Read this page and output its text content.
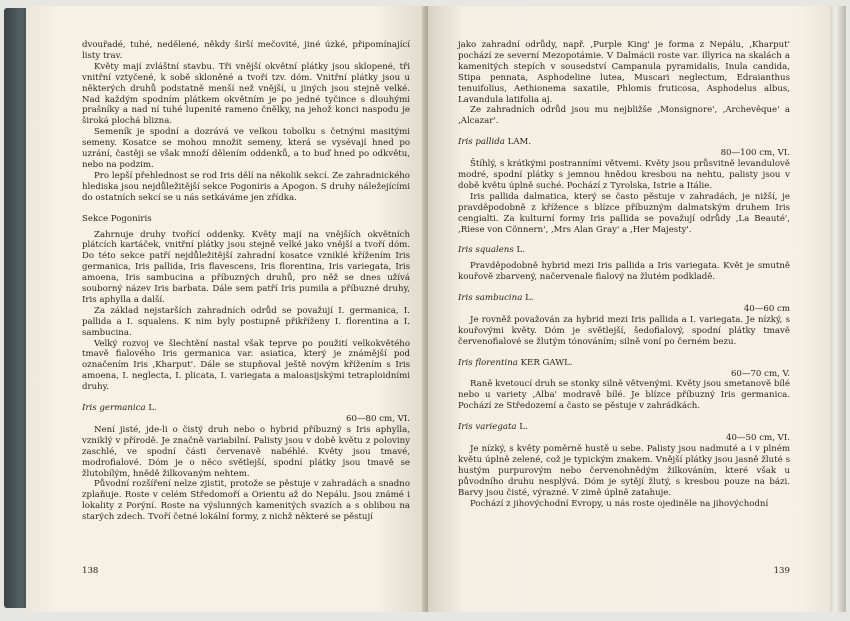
dvouřadé, tuhé, nedělené, někdy širší mečovité, jiné úzké, připomínající listy trav.

Květy mají zvláštní stavbu. Tři vnější okvětní plátky jsou sklopené, tři vnitřní vztyčené, k sobě skloněné a tvoří tzv. dóm. Vnitřní plátky jsou u některých druhů podstatně menší než vnější, u jiných jsou stejně velké. Nad každým spodním plátkem okvětním je po jedné tyčince s dlouhými prašníky a nad ní tuhé lupenité rameno čnělky, na jehož konci naspodu je široká plochá blizna.

Semeník je spodní a dozrává ve velkou tobolku s četnými masitými semeny. Kosatce se mohou množit semeny, která se vysévají hned po uzrání, častěji se však množí dělením oddenků, a to buď hned po odkvětu, nebo na podzim.

Pro lepší přehlednost se rod Iris dělí na několik sekcí. Ze zahradnického hlediska jsou nejdůležitější sekce Pogoniris a Apogon. S druhy náležejícími do ostatních sekcí se u nás setkáváme jen zřídka.

Sekce Pogoniris

Zahrnuje druhy tvořící oddenky. Květy mají na vnějších okvětních plátcích kartáček, vnitřní plátky jsou stejně velké jako vnější a tvoří dóm. Do této sekce patří nejdůležitější zahradní kosatce vzniklé křížením Iris germanica, Iris pallida, Iris flavescens, Iris florentina, Iris variegata, Iris amoena, Iris sambucina a příbuzných druhů, pro něž se dnes užívá souborný název Iris barbata. Dále sem patří Iris pumila a příbuzné druhy, Iris aphylla a další.

Za základ nejstarších zahradních odrůd se považují I. germanica, I. pallida a I. squalens. K nim byly postupně přikříženy I. florentina a I. sambucina.

Velký rozvoj ve šlechtění nastal však teprve po použití velkokvětého tmavě fialového Iris germanica var. asiatica, který je známější pod označením Iris ‚Kharput'. Dále se stupňoval ještě novým křížením s Iris amoena, I. neglecta, I. plicata, I. variegata a maloasijskými tetraploidními druhy.

Iris germanica L.

60—80 cm, VI.

Není jisté, jde-li o čistý druh nebo o hybrid příbuzný s Iris aphylla, vzniklý v přírodě. Je značně variabilní. Palisty jsou v době květu z poloviny zaschlé, ve spodní části červenavě nabéhlé. Květy jsou tmavé, modrofialové. Dóm je o něco světlejší, spodní plátky jsou tmavě se žlutobílým, hnědě žilkovaným nehtem.

Původní rozšíření nelze zjistit, protože se pěstuje v zahradách a snadno zplaňuje. Roste v celém Středomoří a Orientu až do Nepálu. Jsou známé i lokality z Porýní. Roste na výslunných kamenitých svazích a s oblibou na starých zdech. Tvoří četné lokální formy, z nichž některé se pěstují

138

jako zahradní odrůdy, např. ‚Purple King' je forma z Nepálu, ‚Kharput' pochází ze severní Mezopotámie. V Dalmácii roste var. illyrica na skalách a kamenitých stepích v sousedství Campanula pyramidalis, Inula candida, Stipa pennata, Asphodeline lutea, Muscari neglectum, Edraianthus tenuifolius, Aethionema saxatile, Phlomis fruticosa, Asphodelus albus, Lavandula latifolia aj.

Ze zahradních odrůd jsou mu nejbližše ‚Monsignore', ‚Archevêque' a ‚Alcazar'.

Iris pallida LAM.

80—100 cm, VI.

Štíhlý, s krátkými postranními větvemi. Květy jsou průsvitně levandulově modré, spodní plátky s jemnou hnědou kresbou na nehtu, palisty jsou v době květu úplně suché. Pochází z Tyrolska, Istrie a Itálie.

Iris pallida dalmatica, který se často pěstuje v zahradách, je nižší, je pravděpodobně z křížence s blízce příbuzným dalmatským druhem Iris cengialti. Za kulturní formy Iris pallida se považují odrůdy ‚La Beauté', ‚Riese von Cönnern', ‚Mrs Alan Gray' a ‚Her Majesty'.

Iris squalens L.

Pravděpodobně hybrid mezi Iris pallida a Iris variegata. Květ je smutně kouřově zbarvený, načervenale fialový na žlutém podkladě.

Iris sambucina L.

40—60 cm

Je rovněž považován za hybrid mezi Iris pallida a I. variegata. Je nízký, s kouřovými květy. Dóm je světlejší, šedofialový, spodní plátky tmavě červenofialové se žlutým tónováním; silně voní po černém bezu.

Iris florentina KER GAWL.

60—70 cm, V.

Raně kvetoucí druh se stonky silně větvenými. Květy jsou smetanově bílé nebo u variety ‚Alba' modravě bílé. Je blízce příbuzný Iris germanica. Pochází ze Středozemí a často se pěstuje v zahrádkách.

Iris variegata L.

40—50 cm, VI.

Je nízký, s květy poměrně hustě u sebe. Palisty jsou nadmuté a i v plném květu úplně zelené, což je typickým znakem. Vnější plátky jsou jasně žluté s hustým purpurovým nebo červenohnědým žilkováním, které však u původního druhu nesplývá. Dóm je sytějí žlutý, s kresbou pouze na bázi. Barvy jsou čisté, výrazné. V zimě úplně zatahuje.

Pochází z jihovýchodní Evropy, u nás roste ojediněle na jihovýchodní

139
